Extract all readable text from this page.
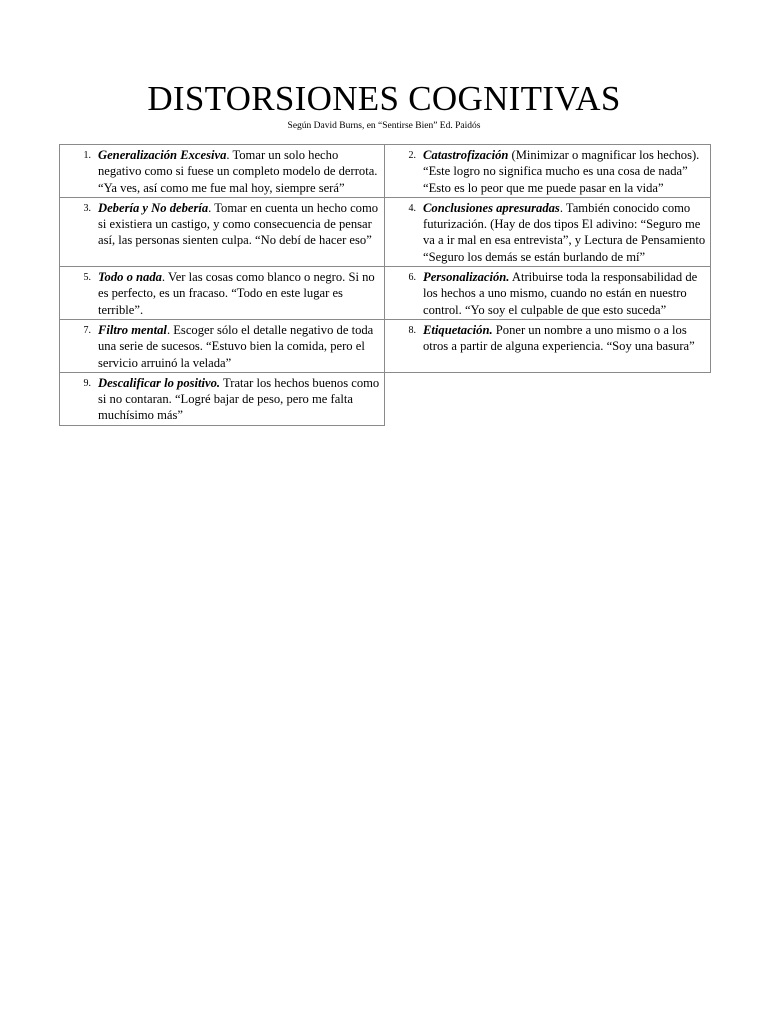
DISTORSIONES COGNITIVAS
Según David Burns, en “Sentirse Bien” Ed. Paidós
1. Generalización Excesiva. Tomar un solo hecho negativo como si fuese un completo modelo de derrota. “Ya ves, así como me fue mal hoy, siempre será”	2. Catastrofización (Minimizar o magnificar los hechos). “Este logro no significa mucho es una cosa de nada” “Esto es lo peor que me puede pasar en la vida”

3. Debería y No debería. Tomar en cuenta un hecho como si existiera un castigo, y como consecuencia de pensar así, las personas sienten culpa. “No debí de hacer eso”	4. Conclusiones apresuradas. También conocido como futurización. (Hay de dos tipos El adivino: “Seguro me va a ir mal en esa entrevista”, y Lectura de Pensamiento “Seguro los demás se están burlando de mí”

5. Todo o nada. Ver las cosas como blanco o negro. Si no es perfecto, es un fracaso. “Todo en este lugar es terrible”.	6. Personalización. Atribuirse toda la responsabilidad de los hechos a uno mismo, cuando no están en nuestro control. “Yo soy el culpable de que esto suceda”

7. Filtro mental. Escoger sólo el detalle negativo de toda una serie de sucesos. “Estuvo bien la comida, pero el servicio arruinó la velada”	8. Etiquetación. Poner un nombre a uno mismo o a los otros a partir de alguna experiencia. “Soy una basura”

9. Descalificar lo positivo. Tratar los hechos buenos como si no contaran. “Logré bajar de peso, pero me falta muchísimo más”	
